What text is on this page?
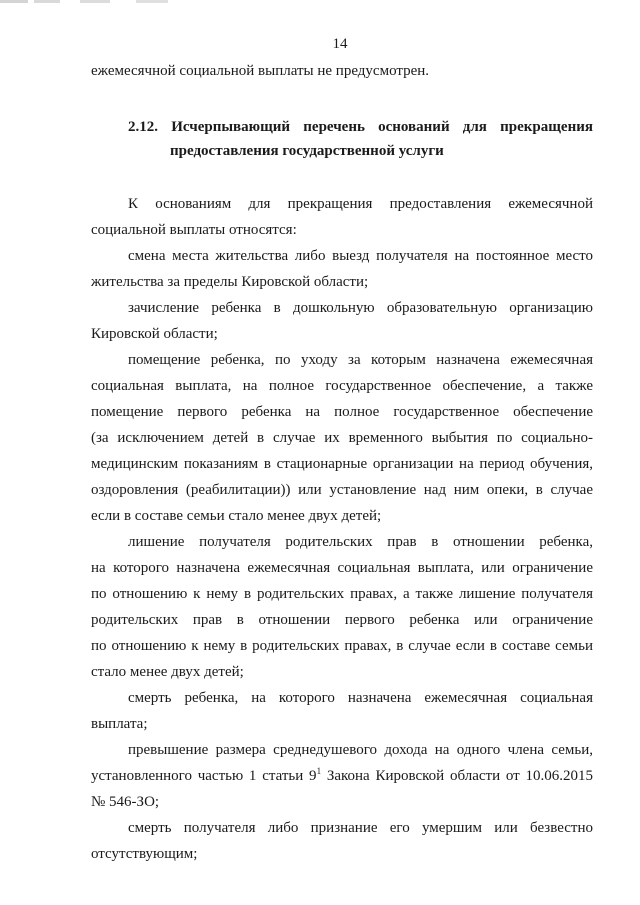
14
ежемесячной социальной выплаты не предусмотрен.
2.12. Исчерпывающий перечень оснований для прекращения
предоставления государственной услуги
К основаниям для прекращения предоставления ежемесячной
социальной выплаты относятся:
смена места жительства либо выезд получателя на постоянное место
жительства за пределы Кировской области;
зачисление ребенка в дошкольную образовательную организацию
Кировской области;
помещение ребенка, по уходу за которым назначена ежемесячная
социальная выплата, на полное государственное обеспечение, а также
помещение первого ребенка на полное государственное обеспечение
(за исключением детей в случае их временного выбытия по социально-
медицинским показаниям в стационарные организации на период обучения,
оздоровления (реабилитации)) или установление над ним опеки, в случае
если в составе семьи стало менее двух детей;
лишение получателя родительских прав в отношении ребенка,
на которого назначена ежемесячная социальная выплата, или ограничение
по отношению к нему в родительских правах, а также лишение получателя
родительских прав в отношении первого ребенка или ограничение
по отношению к нему в родительских правах, в случае если в составе семьи
стало менее двух детей;
смерть ребенка, на которого назначена ежемесячная социальная
выплата;
превышение размера среднедушевого дохода на одного члена семьи,
установленного частью 1 статьи $9^1$ Закона Кировской области от 10.06.2015
№ 546-ЗО;
смерть получателя либо признание его умершим или безвестно
отсутствующим;
